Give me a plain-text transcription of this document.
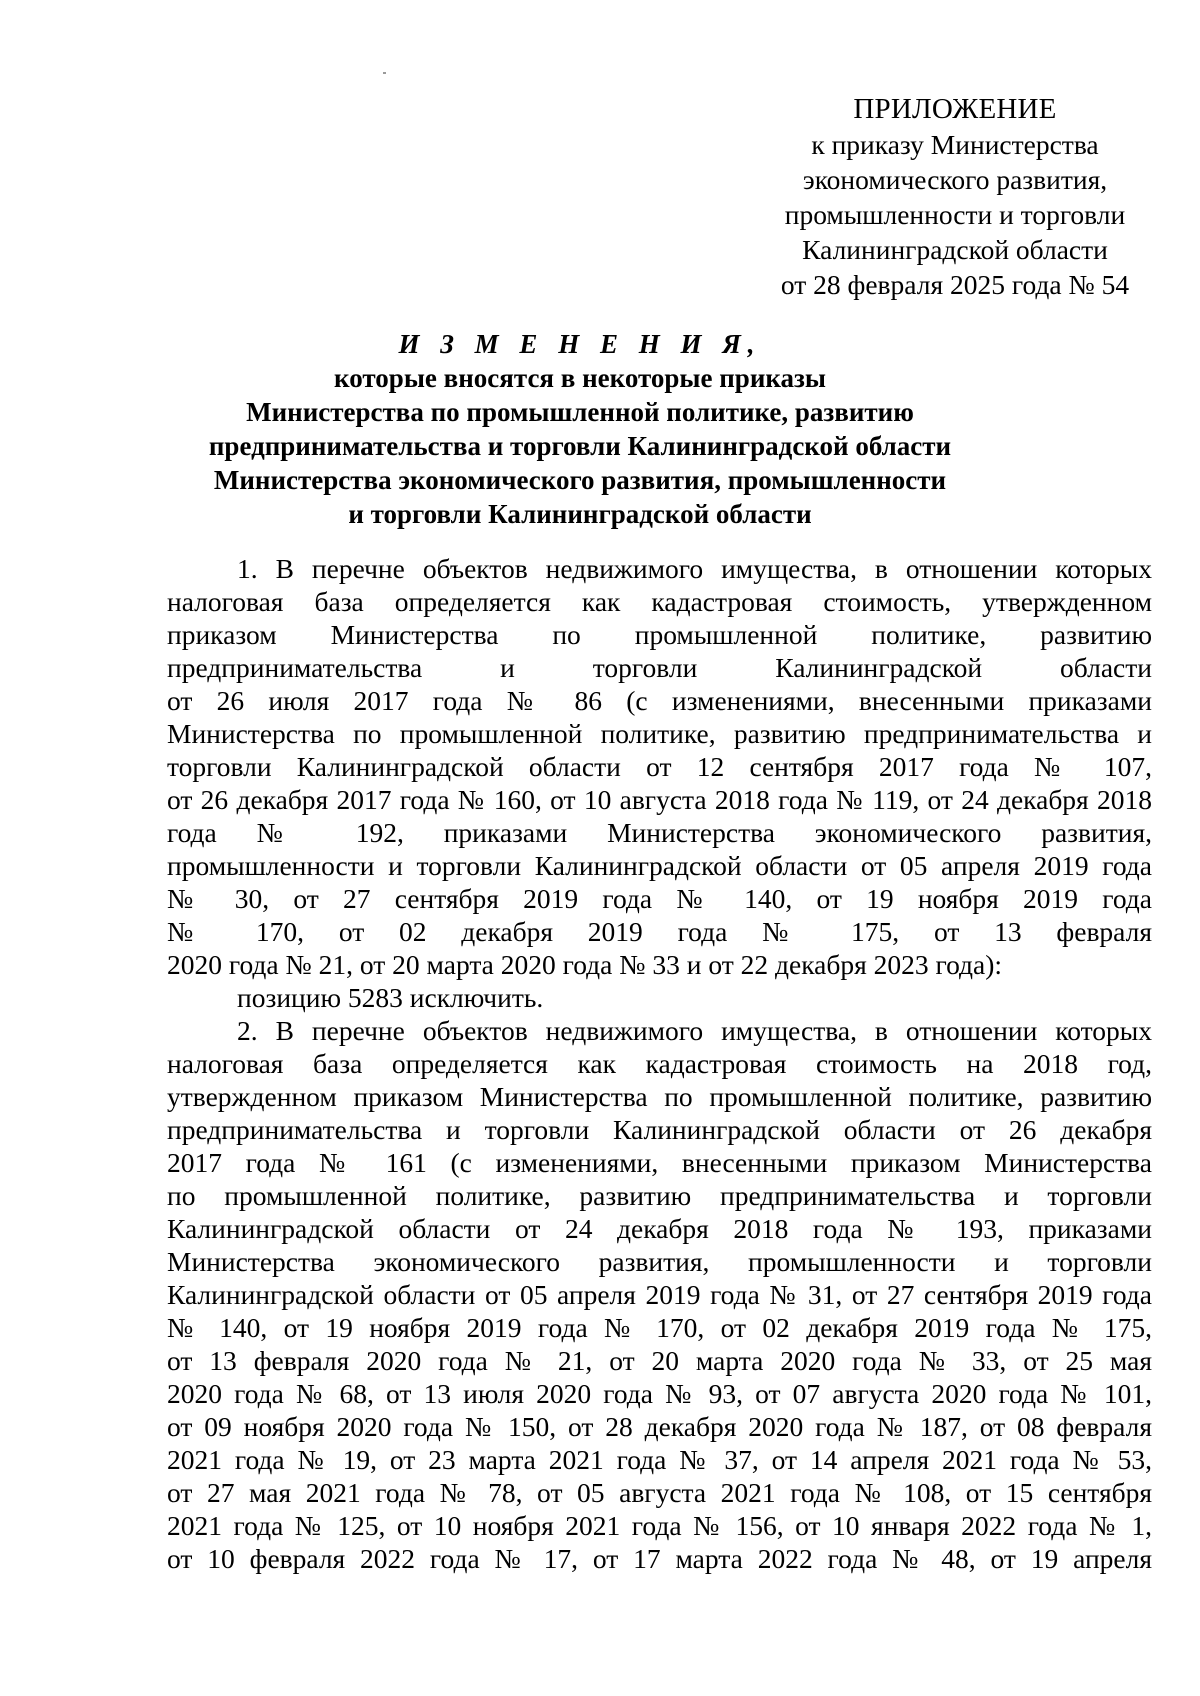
ПРИЛОЖЕНИЕ
к приказу Министерства
экономического развития,
промышленности и торговли
Калининградской области
от 28 февраля 2025 года № 54
И З М Е Н Е Н И Я,
которые вносятся в некоторые приказы
Министерства по промышленной политике, развитию
предпринимательства и торговли Калининградской области
Министерства экономического развития, промышленности
и торговли Калининградской области
1. В перечне объектов недвижимого имущества, в отношении которых
налоговая база определяется как кадастровая стоимость, утвержденном
приказом Министерства по промышленной политике, развитию
предпринимательства и торговли Калининградской области
от 26 июля 2017 года № 86 (с изменениями, внесенными приказами
Министерства по промышленной политике, развитию предпринимательства и
торговли Калининградской области от 12 сентября 2017 года № 107,
от 26 декабря 2017 года № 160, от 10 августа 2018 года № 119, от 24 декабря 2018
года № 192, приказами Министерства экономического развития,
промышленности и торговли Калининградской области от 05 апреля 2019 года
№ 30, от 27 сентября 2019 года № 140, от 19 ноября 2019 года
№ 170, от 02 декабря 2019 года № 175, от 13 февраля
2020 года № 21, от 20 марта 2020 года № 33 и от 22 декабря 2023 года):
позицию 5283 исключить.
2. В перечне объектов недвижимого имущества, в отношении которых
налоговая база определяется как кадастровая стоимость на 2018 год,
утвержденном приказом Министерства по промышленной политике, развитию
предпринимательства и торговли Калининградской области от 26 декабря
2017 года № 161 (с изменениями, внесенными приказом Министерства
по промышленной политике, развитию предпринимательства и торговли
Калининградской области от 24 декабря 2018 года № 193, приказами
Министерства экономического развития, промышленности и торговли
Калининградской области от 05 апреля 2019 года № 31, от 27 сентября 2019 года
№ 140, от 19 ноября 2019 года № 170, от 02 декабря 2019 года № 175,
от 13 февраля 2020 года № 21, от 20 марта 2020 года № 33, от 25 мая
2020 года № 68, от 13 июля 2020 года № 93, от 07 августа 2020 года № 101,
от 09 ноября 2020 года № 150, от 28 декабря 2020 года № 187, от 08 февраля
2021 года № 19, от 23 марта 2021 года № 37, от 14 апреля 2021 года № 53,
от 27 мая 2021 года № 78, от 05 августа 2021 года № 108, от 15 сентября
2021 года № 125, от 10 ноября 2021 года № 156, от 10 января 2022 года № 1,
от 10 февраля 2022 года № 17, от 17 марта 2022 года № 48, от 19 апреля
